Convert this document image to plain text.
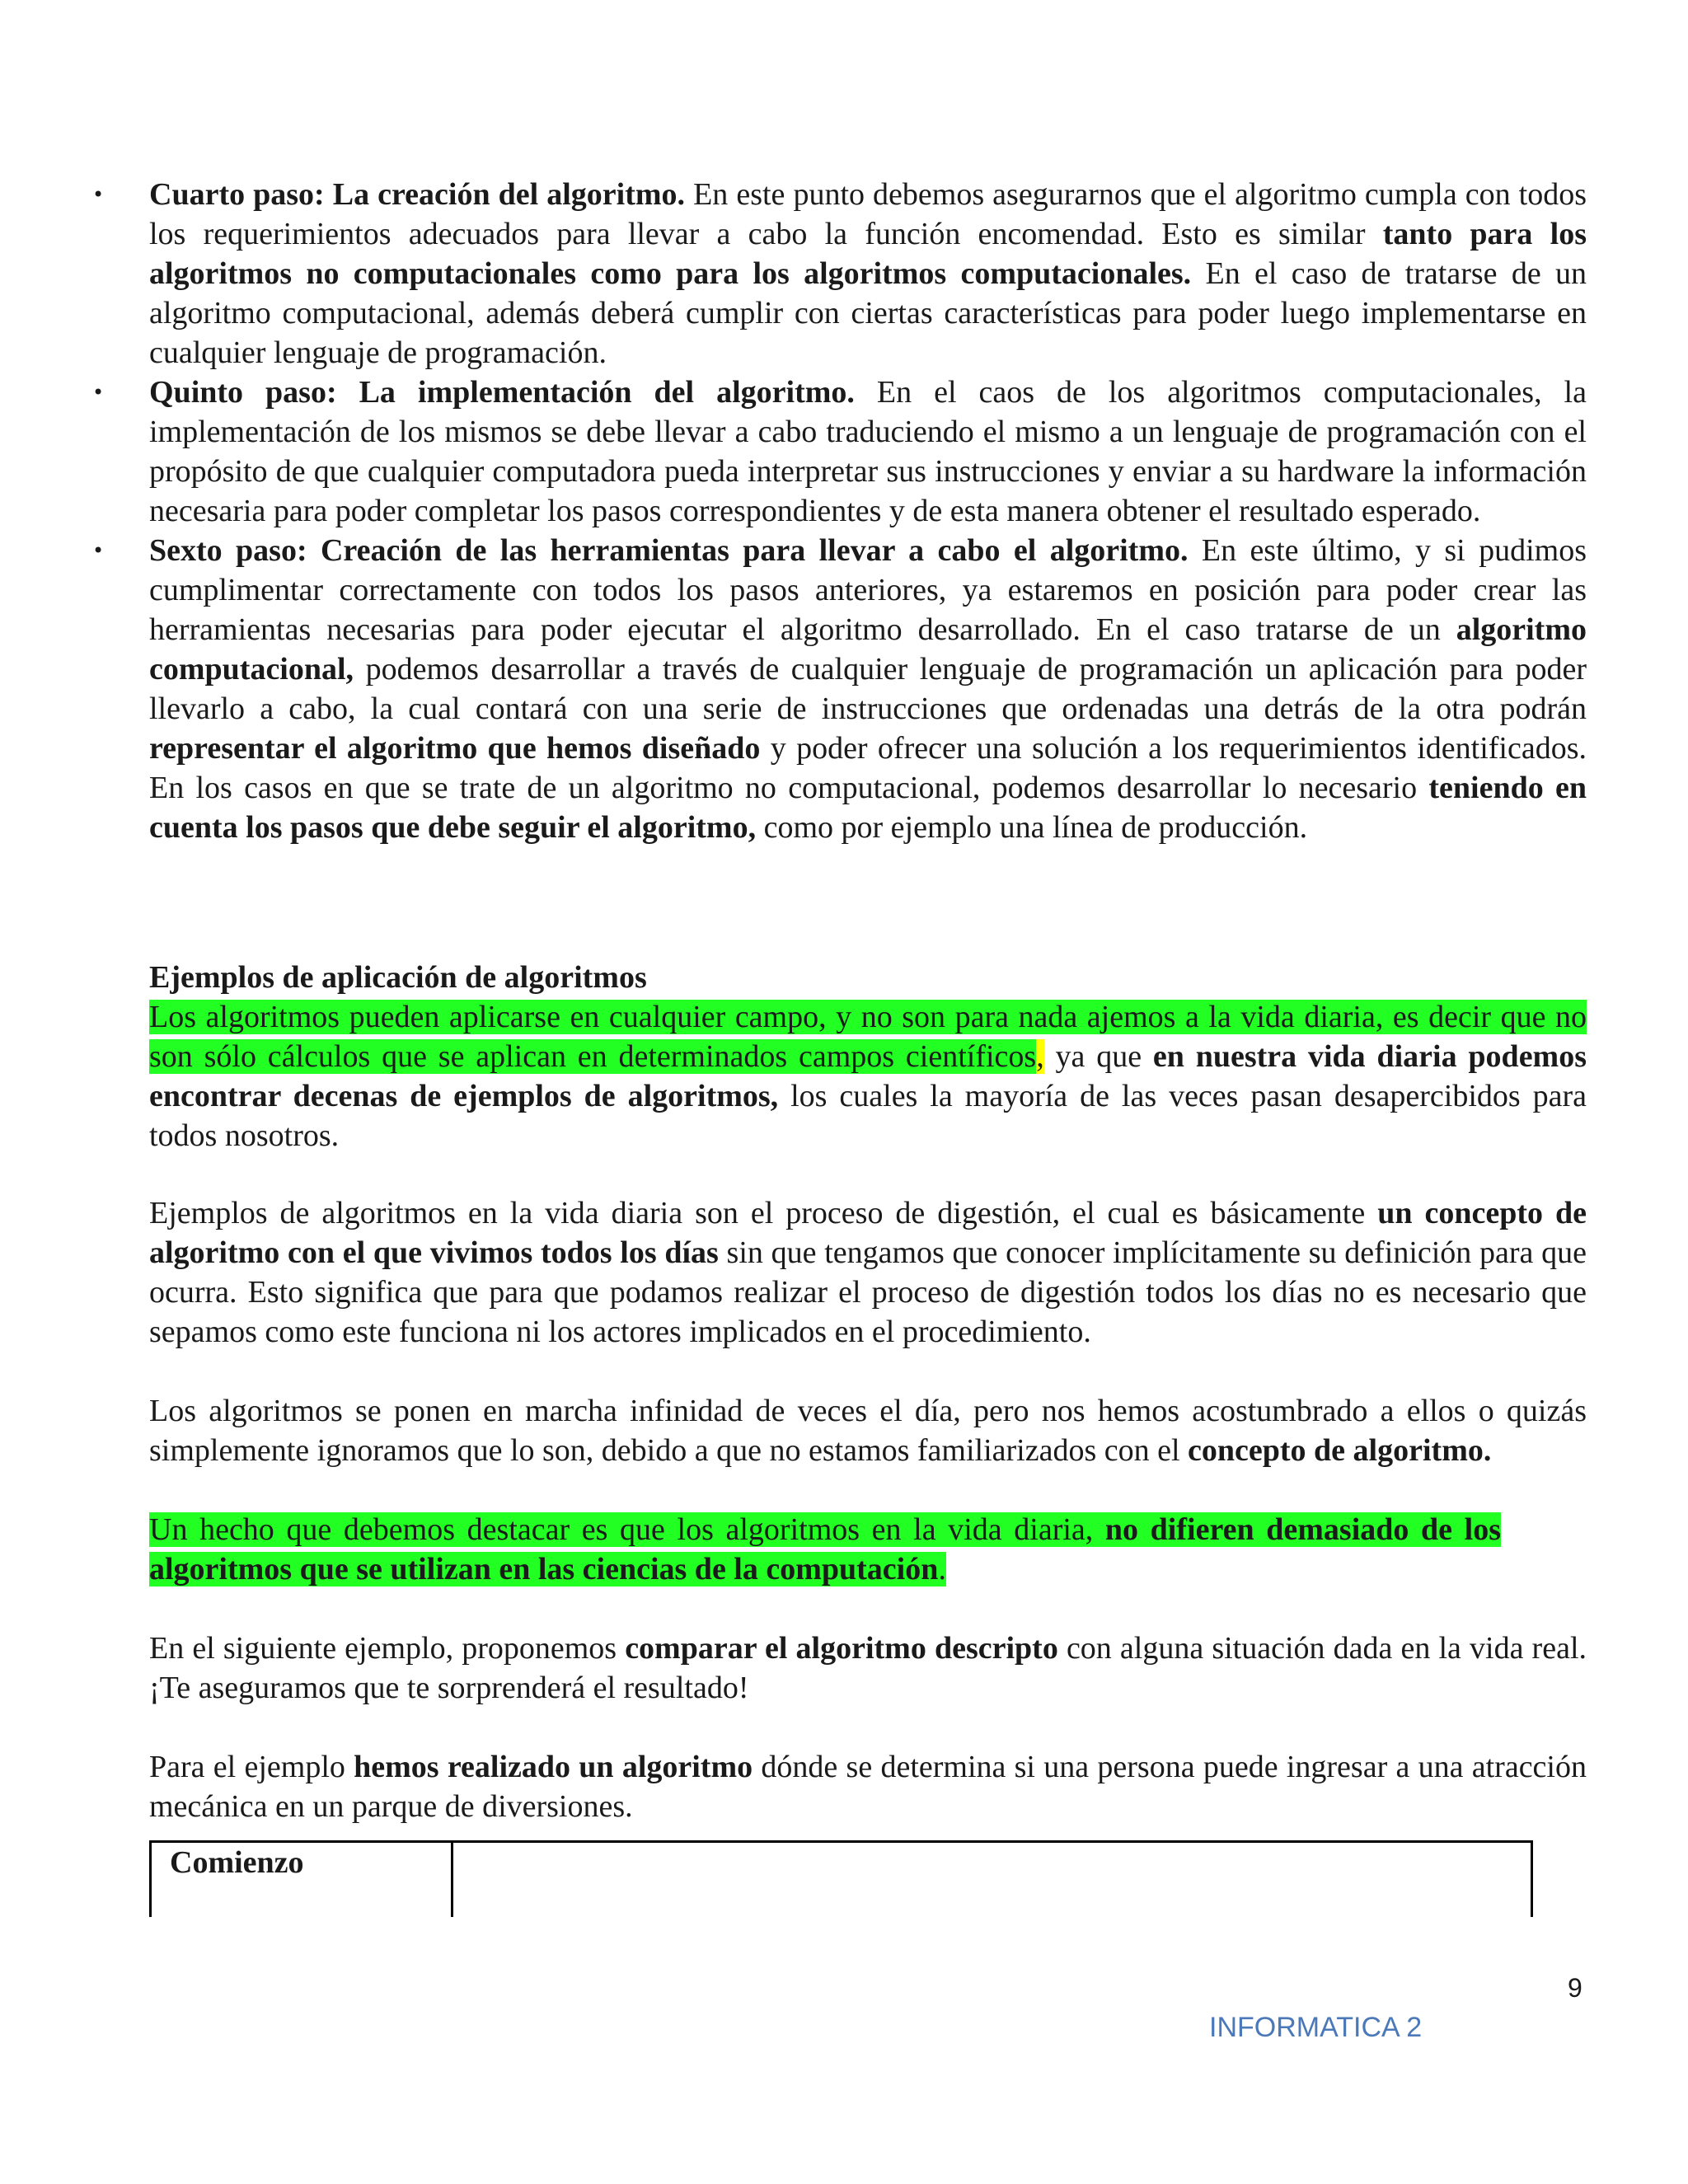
• Cuarto paso: La creación del algoritmo. En este punto debemos asegurarnos que el algoritmo cumpla con todos los requerimientos adecuados para llevar a cabo la función encomendad. Esto es similar tanto para los algoritmos no computacionales como para los algoritmos computacionales. En el caso de tratarse de un algoritmo computacional, además deberá cumplir con ciertas características para poder luego implementarse en cualquier lenguaje de programación.
• Quinto paso: La implementación del algoritmo. En el caos de los algoritmos computacionales, la implementación de los mismos se debe llevar a cabo traduciendo el mismo a un lenguaje de programación con el propósito de que cualquier computadora pueda interpretar sus instrucciones y enviar a su hardware la información necesaria para poder completar los pasos correspondientes y de esta manera obtener el resultado esperado.
• Sexto paso: Creación de las herramientas para llevar a cabo el algoritmo. En este último, y si pudimos cumplimentar correctamente con todos los pasos anteriores, ya estaremos en posición para poder crear las herramientas necesarias para poder ejecutar el algoritmo desarrollado. En el caso tratarse de un algoritmo computacional, podemos desarrollar a través de cualquier lenguaje de programación un aplicación para poder llevarlo a cabo, la cual contará con una serie de instrucciones que ordenadas una detrás de la otra podrán representar el algoritmo que hemos diseñado y poder ofrecer una solución a los requerimientos identificados. En los casos en que se trate de un algoritmo no computacional, podemos desarrollar lo necesario teniendo en cuenta los pasos que debe seguir el algoritmo, como por ejemplo una línea de producción.
Ejemplos de aplicación de algoritmos

Los algoritmos pueden aplicarse en cualquier campo, y no son para nada ajemos a la vida diaria, es decir que no son sólo cálculos que se aplican en determinados campos científicos, ya que en nuestra vida diaria podemos encontrar decenas de ejemplos de algoritmos, los cuales la mayoría de las veces pasan desapercibidos para todos nosotros.

Ejemplos de algoritmos en la vida diaria son el proceso de digestión, el cual es básicamente un concepto de algoritmo con el que vivimos todos los días sin que tengamos que conocer implícitamente su definición para que ocurra. Esto significa que para que podamos realizar el proceso de digestión todos los días no es necesario que sepamos como este funciona ni los actores implicados en el procedimiento.

Los algoritmos se ponen en marcha infinidad de veces el día, pero nos hemos acostumbrado a ellos o quizás simplemente ignoramos que lo son, debido a que no estamos familiarizados con el concepto de algoritmo.

Un hecho que debemos destacar es que los algoritmos en la vida diaria, no difieren demasiado de los algoritmos que se utilizan en las ciencias de la computación.

En el siguiente ejemplo, proponemos comparar el algoritmo descripto con alguna situación dada en la vida real. ¡Te aseguramos que te sorprenderá el resultado!

Para el ejemplo hemos realizado un algoritmo dónde se determina si una persona puede ingresar a una atracción mecánica en un parque de diversiones.

Comienzo
9
INFORMATICA 2
